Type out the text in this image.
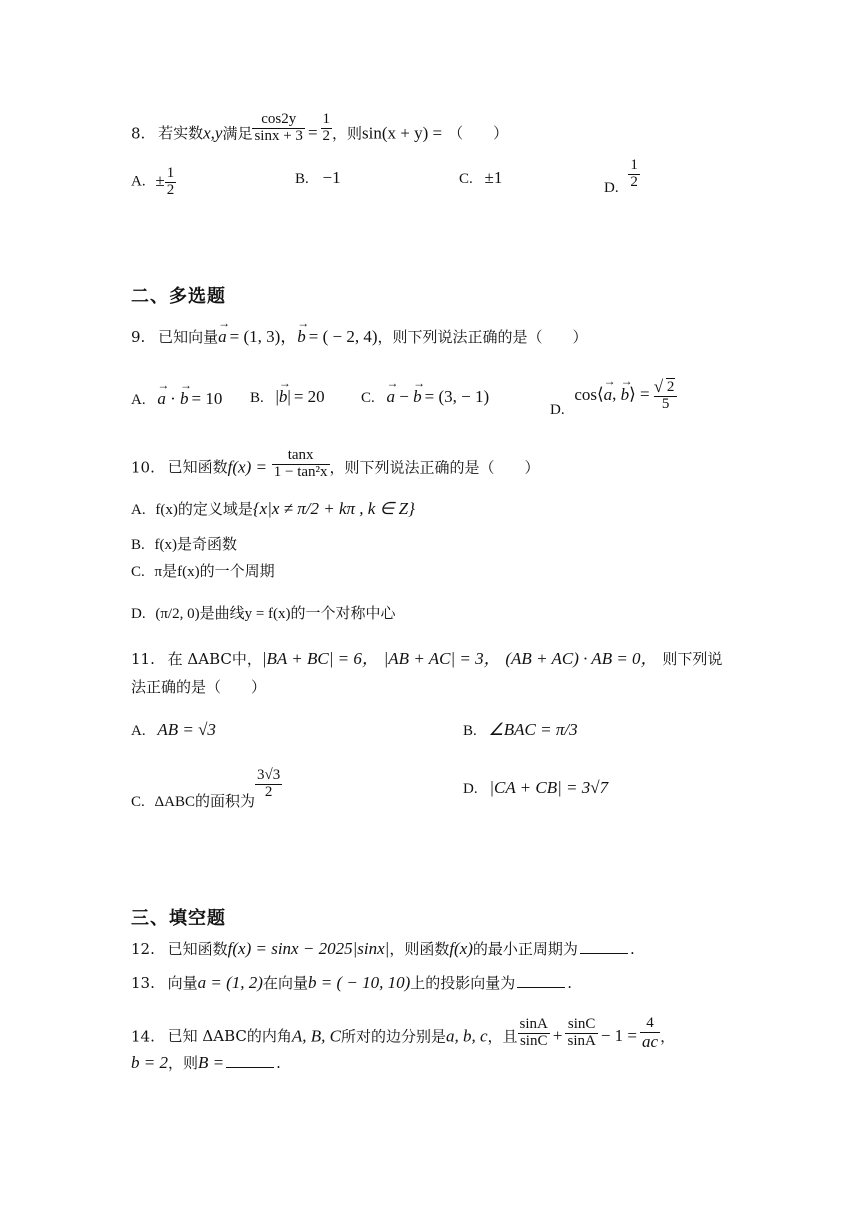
8. 若实数x,y满足 $\frac{\cos 2y}{\sin x + 3} = \frac{1}{2}$ ，则sin(x + y) = （　　）
A. ± $\frac{1}{2}$	B. −1	C. ±1
D. $\frac{1}{2}$
二、多选题
9. 已知向量a → = (1, 3)，b → = ( − 2, 4)，则下列说法正确的是（　　）
A. a → · b → = 10 B. |b →| = 20 C. a → − b → = (3, − 1)
D. cos⟨a →, b →⟩ =
√ $\frac{2}{5}$
10. 已知函数$f(x) = \frac{\tan x}{\text{1 − tan²x}}$ ，则下列说法正确的是（　　）
A. f(x)的定义域是{x|x ≠ π/2 + kπ , k ∈ Z}
B. f(x)是奇函数
C. π是f(x)的一个周期
D. (π/2, 0)是曲线y = f(x)的一个对称中心
11. 在 ΔABC中，|BA + BC| = 6， |AB + AC| = 3， (AB + AC) · AB = 0， 则下列说
法正确的是（　　）
A. AB = √3	B. ∠BAC = π/3
C. ΔABC的面积为
$\frac{3√3}{2}$	D. |CA + CB| = 3√7
三、填空题
12. 已知函数f(x) = sinx − 2025|sinx|，则函数f(x)的最小正周期为	.
13. 向量a = (1, 2)在向量b = ( − 10, 10)上的投影向量为	.
14. 已知 ΔABC的内角A, B, C所对的边分别是a, b, c，且 $\frac{\sin A}{\sin C} + \frac{\sin C}{\sin A} - 1 = \frac{4}{ac}$ ，
b = 2，则B =	.
